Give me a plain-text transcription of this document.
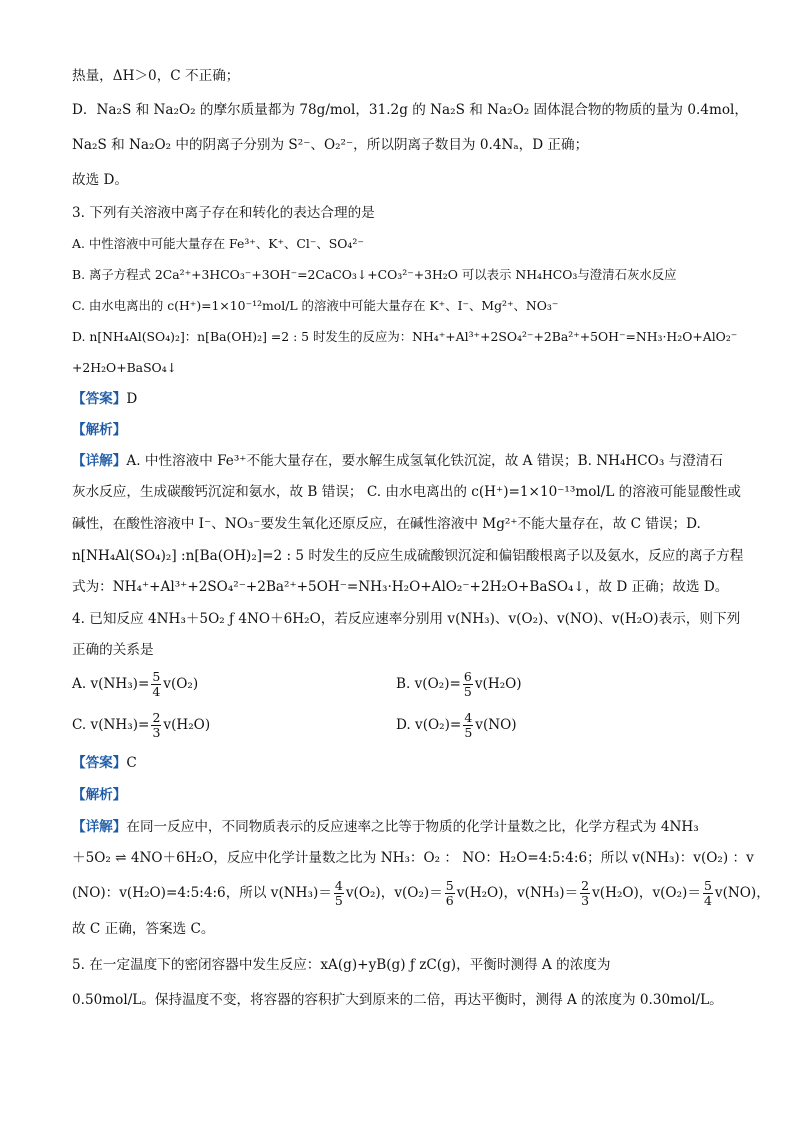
热量，ΔH＞0，C 不正确；
D．Na₂S 和 Na₂O₂ 的摩尔质量都为 78g/mol，31.2g 的 Na₂S 和 Na₂O₂ 固体混合物的物质的量为 0.4mol，
Na₂S 和 Na₂O₂ 中的阴离子分别为 S²⁻、O₂²⁻，所以阴离子数目为 0.4Nₐ，D 正确；
故选 D。
3. 下列有关溶液中离子存在和转化的表达合理的是
A. 中性溶液中可能大量存在 Fe³⁺、K⁺、Cl⁻、SO₄²⁻
B. 离子方程式 2Ca²⁺+3HCO₃⁻+3OH⁻=2CaCO₃↓+CO₃²⁻+3H₂O 可以表示 NH₄HCO₃与澄清石灰水反应
C. 由水电离出的 c(H⁺)=1×10⁻¹²mol/L 的溶液中可能大量存在 K⁺、I⁻、Mg²⁺、NO₃⁻
D. n[NH₄Al(SO₄)₂]：n[Ba(OH)₂] =2 : 5 时发生的反应为：NH₄⁺+Al³⁺+2SO₄²⁻+2Ba²⁺+5OH⁻=NH₃·H₂O+AlO₂⁻
+2H₂O+BaSO₄↓
【答案】D
【解析】
【详解】A. 中性溶液中 Fe³⁺不能大量存在，要水解生成氢氧化铁沉淀，故 A 错误；B. NH₄HCO₃ 与澄清石
灰水反应，生成碳酸钙沉淀和氨水，故 B 错误； C. 由水电离出的 c(H⁺)=1×10⁻¹³mol/L 的溶液可能显酸性或
碱性，在酸性溶液中 I⁻、NO₃⁻要发生氧化还原反应，在碱性溶液中 Mg²⁺不能大量存在，故 C 错误；D.
n[NH₄Al(SO₄)₂] :n[Ba(OH)₂]=2 : 5 时发生的反应生成硫酸钡沉淀和偏铝酸根离子以及氨水，反应的离子方程
式为：NH₄⁺+Al³⁺+2SO₄²⁻+2Ba²⁺+5OH⁻=NH₃·H₂O+AlO₂⁻+2H₂O+BaSO₄↓，故 D 正确；故选 D。
4. 已知反应 4NH₃＋5O₂ ƒ 4NO＋6H₂O，若反应速率分别用 v(NH₃)、v(O₂)、v(NO)、v(H₂O)表示，则下列
正确的关系是
A. $v(NH_3)= \frac{5}{4} v(O_2)$	B. $v(O_2)= \frac{6}{5} v(H_2O)$
C. $v(NH_3)= \frac{2}{3} v(H_2O)$	D. $v(O_2)= \frac{4}{5} v(NO)$
【答案】C
【解析】
【详解】在同一反应中，不同物质表示的反应速率之比等于物质的化学计量数之比，化学方程式为 4NH₃
＋5O₂ ⇌ 4NO＋6H₂O，反应中化学计量数之比为 NH₃：O₂ ： NO：H₂O=4:5:4:6；所以 v(NH₃)：v(O₂) ：v
(NO)：v(H₂O)=4:5:4:6，所以 $v(NH_3)= \frac{4}{5} v(O_2)$，$v(O_2)= \frac{5}{6} v(H_2O)$，$v(NH_3)= \frac{2}{3} v(H_2O)$，$v(O_2)= \frac{5}{4} v(NO)$，
故 C 正确，答案选 C。
5. 在一定温度下的密闭容器中发生反应：xA(g)+yB(g) ƒ zC(g)，平衡时测得 A 的浓度为
0.50mol/L。保持温度不变，将容器的容积扩大到原来的二倍，再达平衡时，测得 A 的浓度为 0.30mol/L。
